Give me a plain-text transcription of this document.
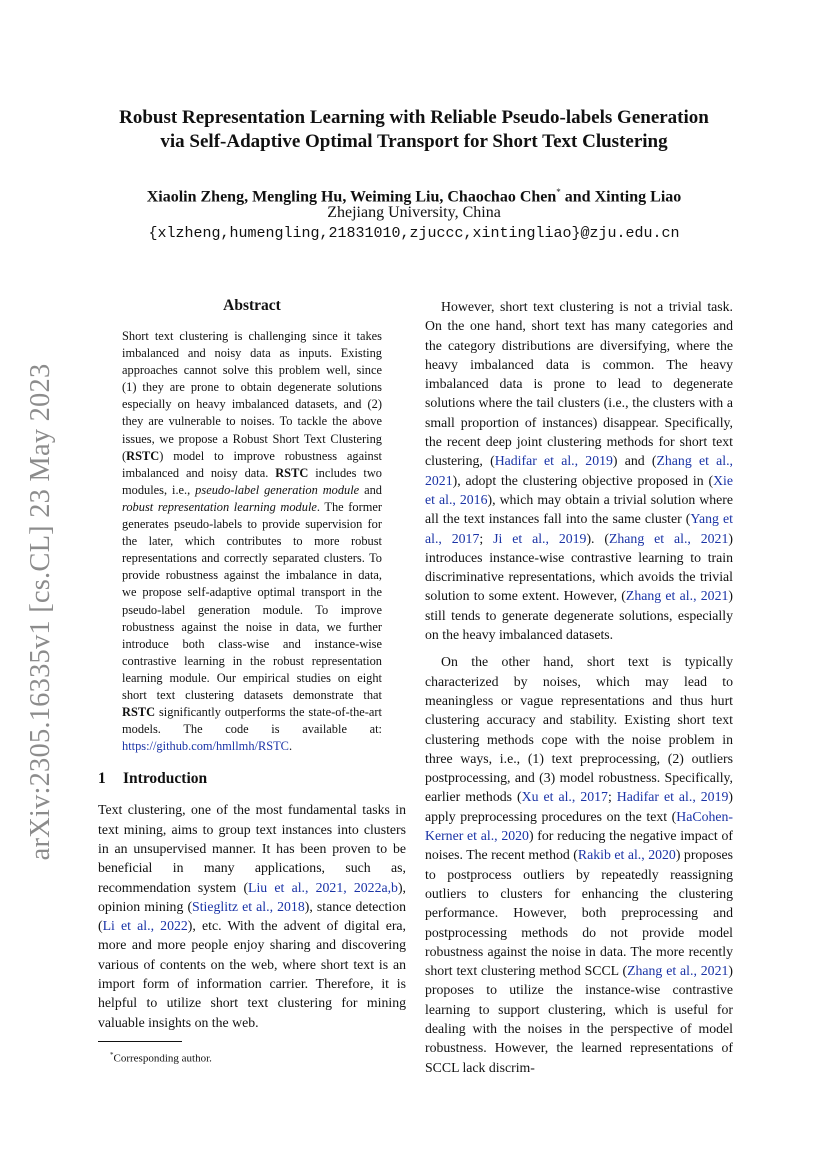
arXiv:2305.16335v1 [cs.CL] 23 May 2023
Robust Representation Learning with Reliable Pseudo-labels Generation
via Self-Adaptive Optimal Transport for Short Text Clustering
Xiaolin Zheng, Mengling Hu, Weiming Liu, Chaochao Chen* and Xinting Liao
Zhejiang University, China
{xlzheng,humengling,21831010,zjuccc,xintingliao}@zju.edu.cn

Abstract

Short text clustering is challenging since it takes imbalanced and noisy data as inputs. Existing approaches cannot solve this problem well, since (1) they are prone to obtain degenerate solutions especially on heavy imbalanced datasets, and (2) they are vulnerable to noises. To tackle the above issues, we propose a Robust Short Text Clustering (RSTC) model to improve robustness against imbalanced and noisy data. RSTC includes two modules, i.e., pseudo-label generation module and robust representation learning module. The former generates pseudo-labels to provide supervision for the later, which contributes to more robust representations and correctly separated clusters. To provide robustness against the imbalance in data, we propose self-adaptive optimal transport in the pseudo-label generation module. To improve robustness against the noise in data, we further introduce both class-wise and instance-wise contrastive learning in the robust representation learning module. Our empirical studies on eight short text clustering datasets demonstrate that RSTC significantly outperforms the state-of-the-art models. The code is available at: https://github.com/hmllmh/RSTC.

1 Introduction

Text clustering, one of the most fundamental tasks in text mining, aims to group text instances into clusters in an unsupervised manner. It has been proven to be beneficial in many applications, such as, recommendation system (Liu et al., 2021, 2022a,b), opinion mining (Stieglitz et al., 2018), stance detection (Li et al., 2022), etc. With the advent of digital era, more and more people enjoy sharing and discovering various of contents on the web, where short text is an import form of information carrier. Therefore, it is helpful to utilize short text clustering for mining valuable insights on the web.

*Corresponding author.

However, short text clustering is not a trivial task. On the one hand, short text has many categories and the category distributions are diversifying, where the heavy imbalanced data is common. The heavy imbalanced data is prone to lead to degenerate solutions where the tail clusters (i.e., the clusters with a small proportion of instances) disappear. Specifically, the recent deep joint clustering methods for short text clustering, (Hadifar et al., 2019) and (Zhang et al., 2021), adopt the clustering objective proposed in (Xie et al., 2016), which may obtain a trivial solution where all the text instances fall into the same cluster (Yang et al., 2017; Ji et al., 2019). (Zhang et al., 2021) introduces instance-wise contrastive learning to train discriminative representations, which avoids the trivial solution to some extent. However, (Zhang et al., 2021) still tends to generate degenerate solutions, especially on the heavy imbalanced datasets.

On the other hand, short text is typically characterized by noises, which may lead to meaningless or vague representations and thus hurt clustering accuracy and stability. Existing short text clustering methods cope with the noise problem in three ways, i.e., (1) text preprocessing, (2) outliers postprocessing, and (3) model robustness. Specifically, earlier methods (Xu et al., 2017; Hadifar et al., 2019) apply preprocessing procedures on the text (HaCohen-Kerner et al., 2020) for reducing the negative impact of noises. The recent method (Rakib et al., 2020) proposes to postprocess outliers by repeatedly reassigning outliers to clusters for enhancing the clustering performance. However, both preprocessing and postprocessing methods do not provide model robustness against the noise in data. The more recently short text clustering method SCCL (Zhang et al., 2021) proposes to utilize the instance-wise contrastive learning to support clustering, which is useful for dealing with the noises in the perspective of model robustness. However, the learned representations of SCCL lack discrim-
